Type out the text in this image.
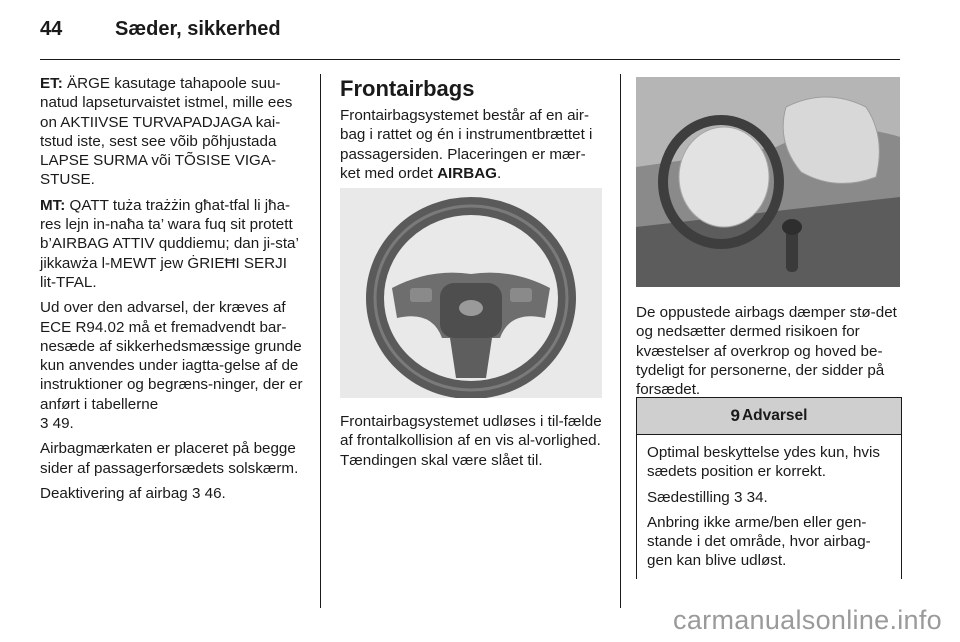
44	Sæder, sikkerhed

ET: ÄRGE kasutage tahapoole suu-natud lapseturvaistet istmel, mille ees on AKTIIVSE TURVAPADJAGA kai-tstud iste, sest see võib põhjustada LAPSE SURMA või TÕSISE VIGA-STUSE.

MT: QATT tuża trażżin għat-tfal li jħa-res lejn in-naħa ta’ wara fuq sit protett b’AIRBAG ATTIV quddiemu; dan ji-sta’ jikkawża l-MEWT jew ĠRIEĦI SERJI lit-TFAL.

Ud over den advarsel, der kræves af ECE R94.02 må et fremadvendt bar-nesæde af sikkerhedsmæssige grunde kun anvendes under iagtta-gelse af de instruktioner og begræns-ninger, der er anført i tabellerne
3 49.

Airbagmærkaten er placeret på begge sider af passagerforsædets solskærm.

Deaktivering af airbag 3 46.

Frontairbags

Frontairbagsystemet består af en air-bag i rattet og én i instrumentbrættet i passagersiden. Placeringen er mær-ket med ordet AIRBAG.

Frontairbagsystemet udløses i til-fælde af frontalkollision af en vis al-vorlighed. Tændingen skal være slået til.
De oppustede airbags dæmper stø-det og nedsætter dermed risikoen for kvæstelser af overkrop og hoved be-tydeligt for personerne, der sidder på forsædet.
9 Advarsel

Optimal beskyttelse ydes kun, hvis sædets position er korrekt.

Sædestilling 3 34.

Anbring ikke arme/ben eller gen-stande i det område, hvor airbag-gen kan blive udløst.

carmanualsonline.info
